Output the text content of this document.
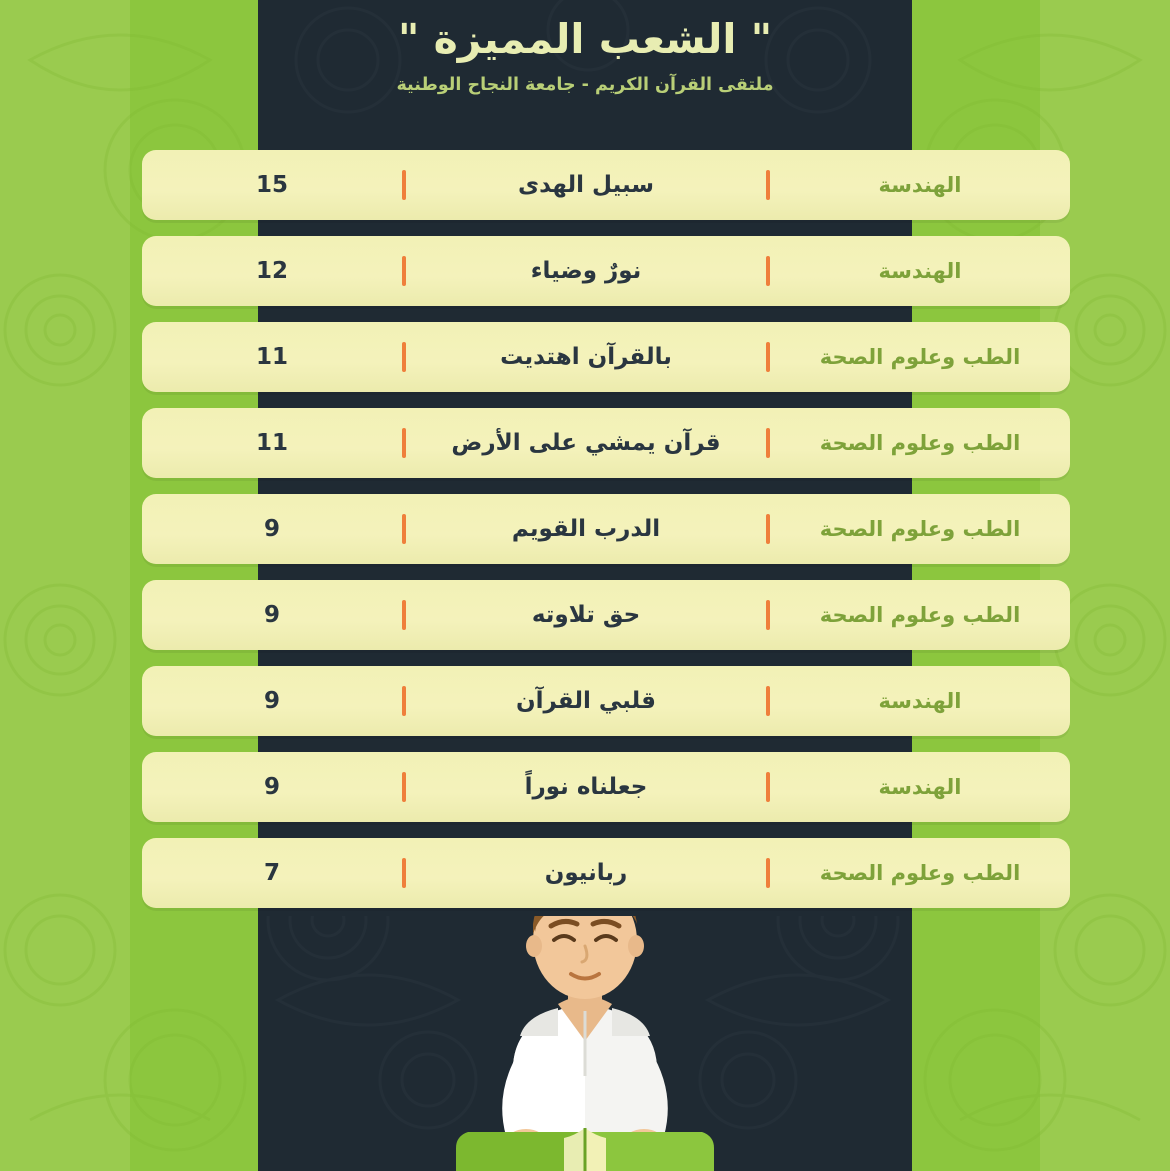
" الشعب المميزة "
ملتقى القرآن الكريم - جامعة النجاح الوطنية
الهندسة
سبيل الهدى
15
الهندسة
نورٌ وضياء
12
الطب وعلوم الصحة
بالقرآن اهتديت
11
الطب وعلوم الصحة
قرآن يمشي على الأرض
11
الطب وعلوم الصحة
الدرب القويم
9
الطب وعلوم الصحة
حق تلاوته
9
الهندسة
قلبي القرآن
9
الهندسة
جعلناه نوراً
9
الطب وعلوم الصحة
ربانيون
7
